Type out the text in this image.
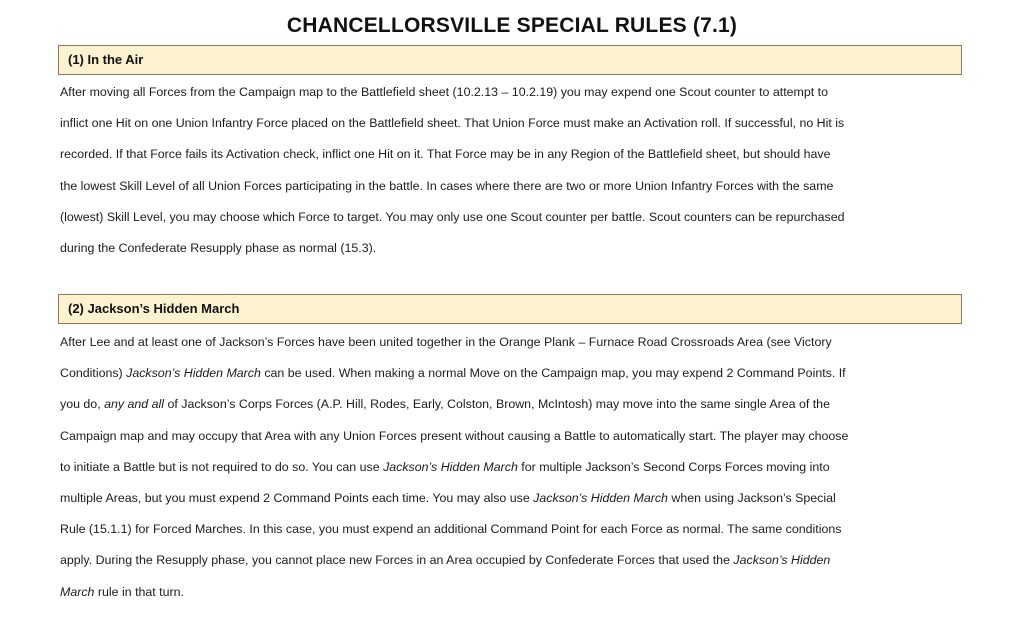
CHANCELLORSVILLE SPECIAL RULES (7.1)
(1) In the Air
After moving all Forces from the Campaign map to the Battlefield sheet (10.2.13 – 10.2.19) you may expend one Scout counter to attempt to
inflict one Hit on one Union Infantry Force placed on the Battlefield sheet. That Union Force must make an Activation roll. If successful, no Hit is
recorded. If that Force fails its Activation check, inflict one Hit on it. That Force may be in any Region of the Battlefield sheet, but should have
the lowest Skill Level of all Union Forces participating in the battle. In cases where there are two or more Union Infantry Forces with the same
(lowest) Skill Level, you may choose which Force to target. You may only use one Scout counter per battle. Scout counters can be repurchased
during the Confederate Resupply phase as normal (15.3).
(2) Jackson’s Hidden March
After Lee and at least one of Jackson’s Forces have been united together in the Orange Plank – Furnace Road Crossroads Area (see Victory
Conditions) Jackson’s Hidden March can be used. When making a normal Move on the Campaign map, you may expend 2 Command Points. If
you do, any and all of Jackson’s Corps Forces (A.P. Hill, Rodes, Early, Colston, Brown, McIntosh) may move into the same single Area of the
Campaign map and may occupy that Area with any Union Forces present without causing a Battle to automatically start. The player may choose
to initiate a Battle but is not required to do so. You can use Jackson’s Hidden March for multiple Jackson’s Second Corps Forces moving into
multiple Areas, but you must expend 2 Command Points each time. You may also use Jackson’s Hidden March when using Jackson’s Special
Rule (15.1.1) for Forced Marches. In this case, you must expend an additional Command Point for each Force as normal. The same conditions
apply. During the Resupply phase, you cannot place new Forces in an Area occupied by Confederate Forces that used the Jackson’s Hidden
March rule in that turn.
